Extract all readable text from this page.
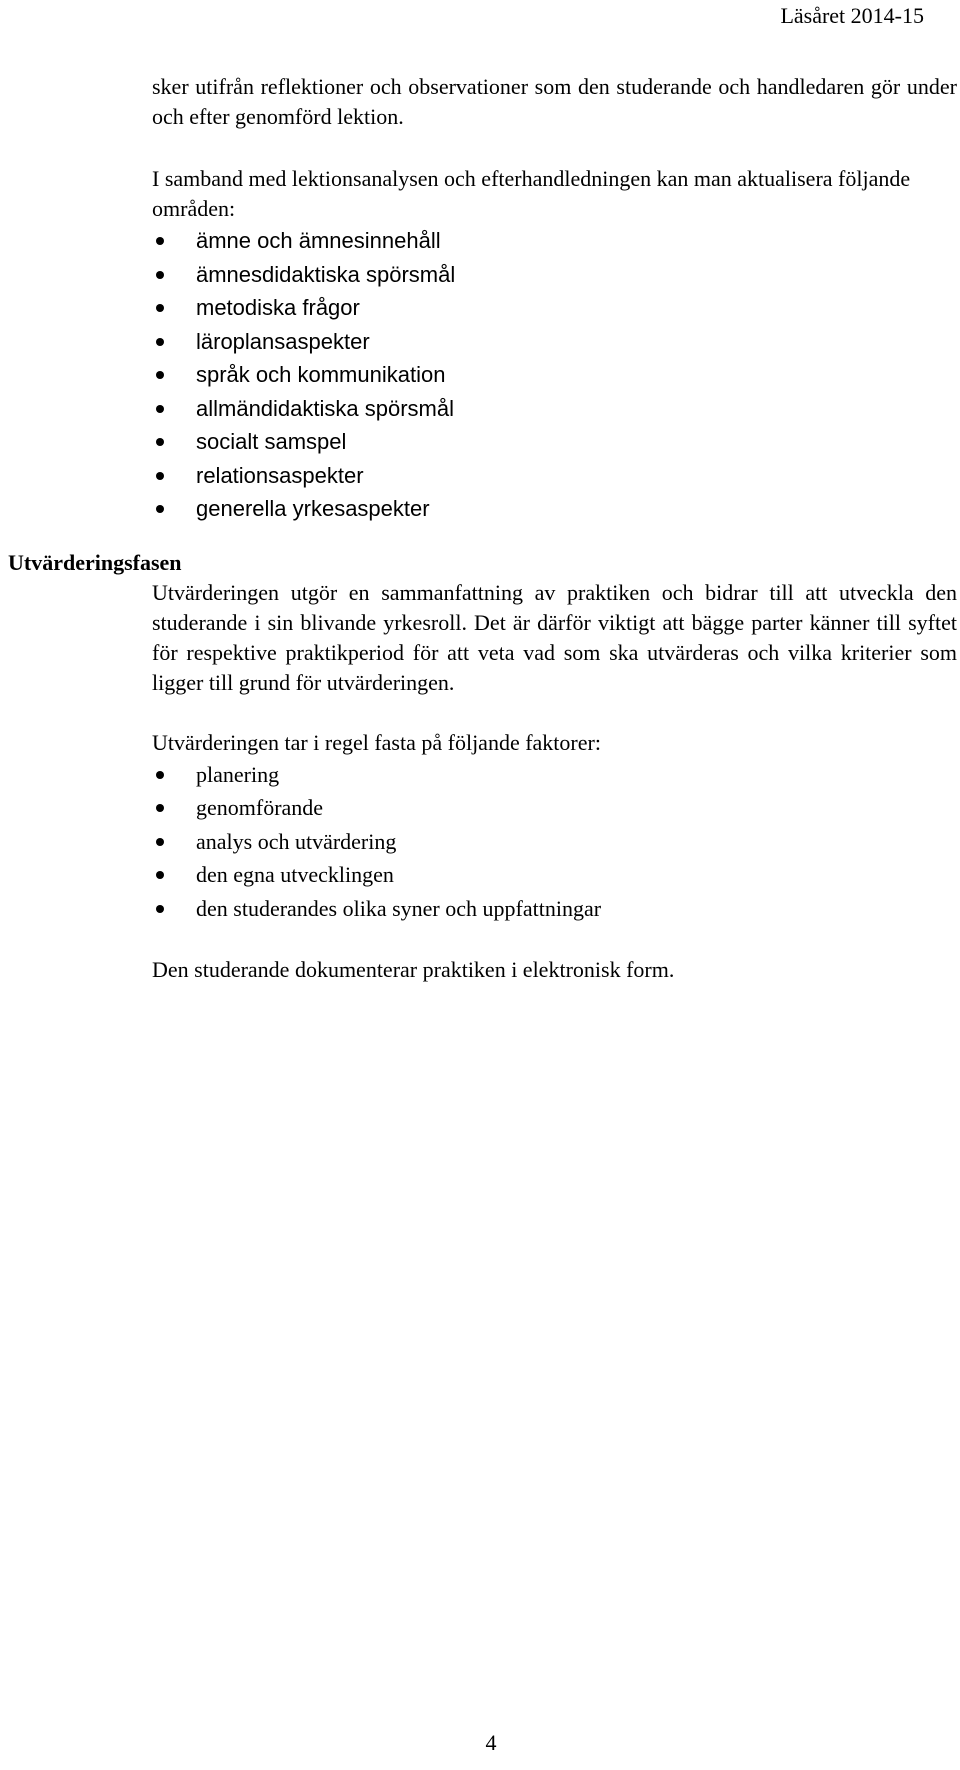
Läsåret 2014-15

sker utifrån reflektioner och observationer som den studerande och handledaren gör under och efter genomförd lektion.

I samband med lektionsanalysen och efterhandledningen kan man aktualisera följande områden:

ämne och ämnesinnehåll
ämnesdidaktiska spörsmål
metodiska frågor
läroplansaspekter
språk och kommunikation
allmändidaktiska spörsmål
socialt samspel
relationsaspekter
generella yrkesaspekter
Utvärderingsfasen

Utvärderingen utgör en sammanfattning av praktiken och bidrar till att utveckla den studerande i sin blivande yrkesroll. Det är därför viktigt att bägge parter känner till syftet för respektive praktikperiod för att veta vad som ska utvärderas och vilka kriterier som ligger till grund för utvärderingen.

Utvärderingen tar i regel fasta på följande faktorer:

planering
genomförande
analys och utvärdering
den egna utvecklingen
den studerandes olika syner och uppfattningar

Den studerande dokumenterar praktiken i elektronisk form.

4
